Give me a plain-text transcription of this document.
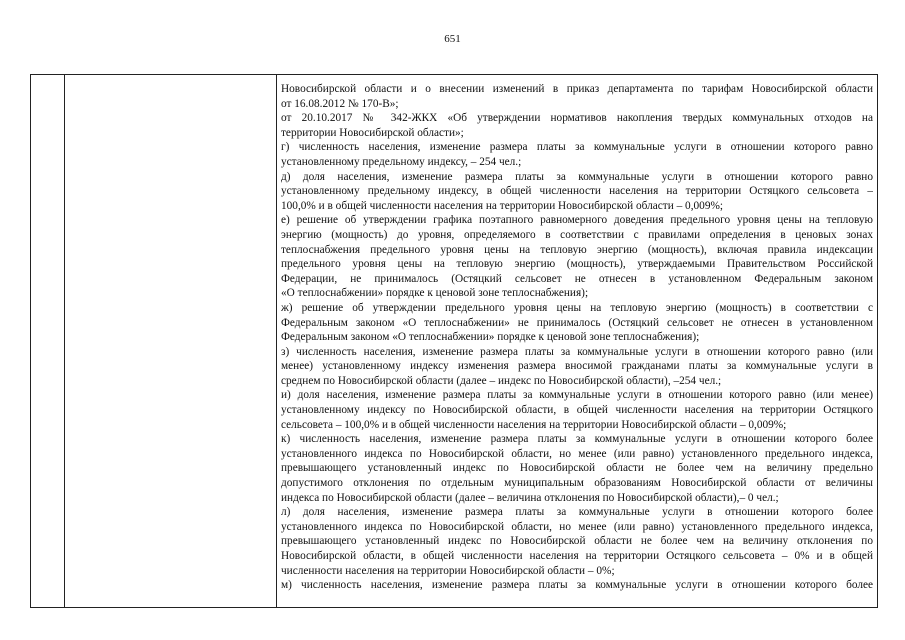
651
Новосибирской области и о внесении изменений в приказ департамента по тарифам Новосибирской области
от 16.08.2012 № 170-В»;
от 20.10.2017 № 342-ЖКХ «Об утверждении нормативов накопления твердых коммунальных отходов на
территории Новосибирской области»;
г) численность населения, изменение размера платы за коммунальные услуги в отношении которого равно
установленному предельному индексу, – 254 чел.;
д) доля населения, изменение размера платы за коммунальные услуги в отношении которого равно
установленному предельному индексу, в общей численности населения на территории Остяцкого сельсовета –
100,0% и в общей численности населения на территории Новосибирской области – 0,009%;
е) решение об утверждении графика поэтапного равномерного доведения предельного уровня цены на тепловую
энергию (мощность) до уровня, определяемого в соответствии с правилами определения в ценовых зонах
теплоснабжения предельного уровня цены на тепловую энергию (мощность), включая правила индексации
предельного уровня цены на тепловую энергию (мощность), утверждаемыми Правительством Российской
Федерации, не принималось (Остяцкий сельсовет не отнесен в установленном Федеральным законом
«О теплоснабжении» порядке к ценовой зоне теплоснабжения);
ж) решение об утверждении предельного уровня цены на тепловую энергию (мощность) в соответствии с
Федеральным законом «О теплоснабжении» не принималось (Остяцкий сельсовет не отнесен в установленном
Федеральным законом «О теплоснабжении» порядке к ценовой зоне теплоснабжения);
з) численность населения, изменение размера платы за коммунальные услуги в отношении которого равно (или
менее) установленному индексу изменения размера вносимой гражданами платы за коммунальные услуги в
среднем по Новосибирской области (далее – индекс по Новосибирской области), –254 чел.;
и) доля населения, изменение размера платы за коммунальные услуги в отношении которого равно (или менее)
установленному индексу по Новосибирской области, в общей численности населения на территории Остяцкого
сельсовета – 100,0% и в общей численности населения на территории Новосибирской области – 0,009%;
к) численность населения, изменение размера платы за коммунальные услуги в отношении которого более
установленного индекса по Новосибирской области, но менее (или равно) установленного предельного индекса,
превышающего установленный индекс по Новосибирской области не более чем на величину предельно
допустимого отклонения по отдельным муниципальным образованиям Новосибирской области от величины
индекса по Новосибирской области (далее – величина отклонения по Новосибирской области),– 0 чел.;
л) доля населения, изменение размера платы за коммунальные услуги в отношении которого более
установленного индекса по Новосибирской области, но менее (или равно) установленного предельного индекса,
превышающего установленный индекс по Новосибирской области не более чем на величину отклонения по
Новосибирской области, в общей численности населения на территории Остяцкого сельсовета – 0% и в общей
численности населения на территории Новосибирской области – 0%;
м) численность населения, изменение размера платы за коммунальные услуги в отношении которого более
